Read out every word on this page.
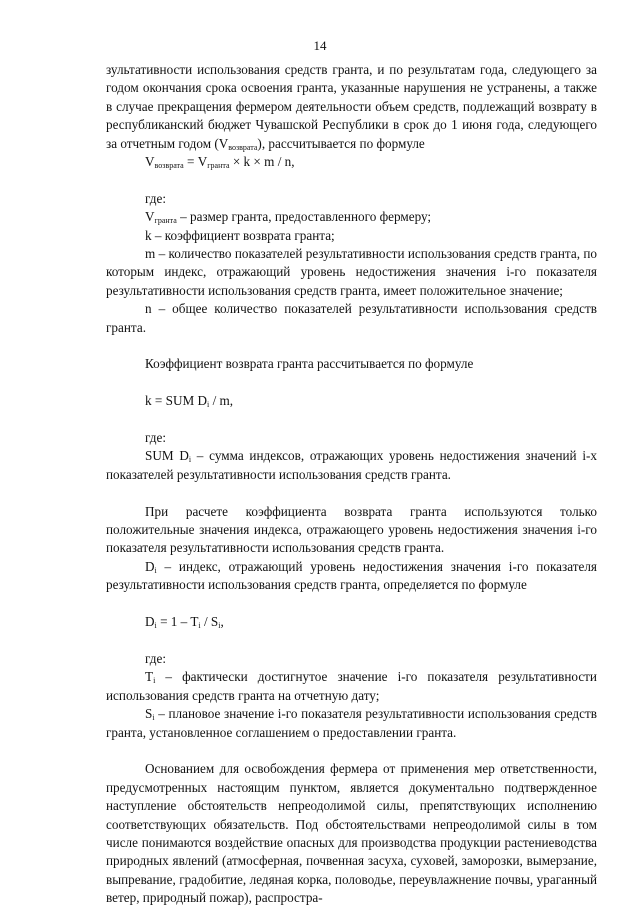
14

зультативности использования средств гранта, и по результатам года, следующего за годом окончания срока освоения гранта, указанные нарушения не устранены, а также в случае прекращения фермером деятельности объем средств, подлежащий возврату в республиканский бюджет Чувашской Республики в срок до 1 июня года, следующего за отчетным годом $(V_{возврата})$, рассчитывается по формуле

$V_{возврата} = V_{гранта} \times k \times m / n$,

где:

$V_{гранта}$ – размер гранта, предоставленного фермеру;

k – коэффициент возврата гранта;

m – количество показателей результативности использования средств гранта, по которым индекс, отражающий уровень недостижения значения i-го показателя результативности использования средств гранта, имеет положительное значение;

n – общее количество показателей результативности использования средств гранта.

Коэффициент возврата гранта рассчитывается по формуле

k = SUM $D_i$ / m,

где:

SUM $D_i$ – сумма индексов, отражающих уровень недостижения значений i-х показателей результативности использования средств гранта.

При расчете коэффициента возврата гранта используются только положительные значения индекса, отражающего уровень недостижения значения i-го показателя результативности использования средств гранта.

$D_i$ – индекс, отражающий уровень недостижения значения i-го показателя результативности использования средств гранта, определяется по формуле

$D_i = 1 - T_i / S_i$,

где:

$T_i$ – фактически достигнутое значение i-го показателя результативности использования средств гранта на отчетную дату;

$S_i$ – плановое значение i-го показателя результативности использования средств гранта, установленное соглашением о предоставлении гранта.

Основанием для освобождения фермера от применения мер ответственности, предусмотренных настоящим пунктом, является документально подтвержденное наступление обстоятельств непреодолимой силы, препятствующих исполнению соответствующих обязательств. Под обстоятельствами непреодолимой силы в том числе понимаются воздействие опасных для производства продукции растениеводства природных явлений (атмосферная, почвенная засуха, суховей, заморозки, вымерзание, выпревание, градобитие, ледяная корка, половодье, переувлажнение почвы, ураганный ветер, природный пожар), распростра-
